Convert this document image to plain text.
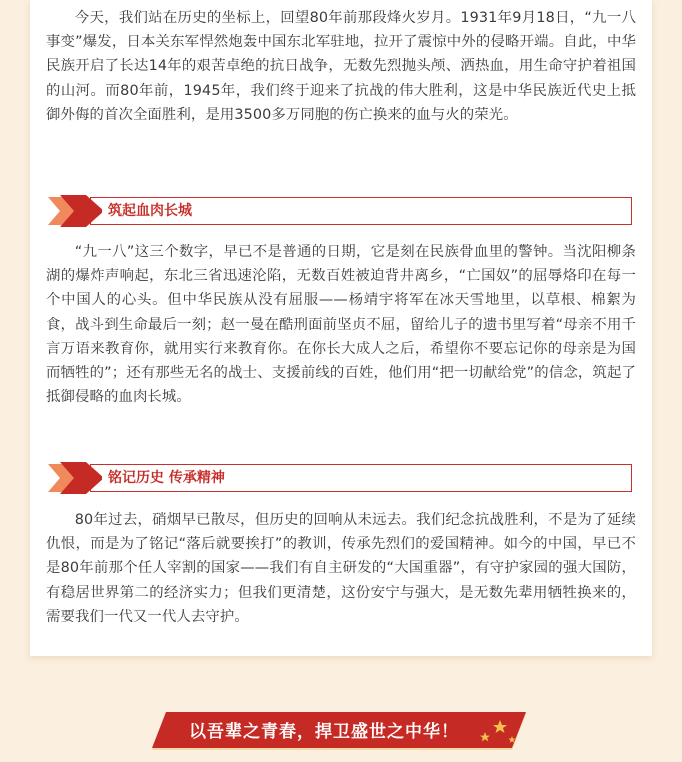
今天，我们站在历史的坐标上，回望80年前那段烽火岁月。1931年9月18日，“九一八事变”爆发，日本关东军悍然炮轰中国东北军驻地，拉开了震惊中外的侵略开端。自此，中华民族开启了长达14年的艰苦卓绝的抗日战争，无数先烈抛头颅、洒热血，用生命守护着祖国的山河。而80年前，1945年，我们终于迎来了抗战的伟大胜利，这是中华民族近代史上抵御外侮的首次全面胜利，是用3500多万同胞的伤亡换来的血与火的荣光。

筑起血肉长城

“九一八”这三个数字，早已不是普通的日期，它是刻在民族骨血里的警钟。当沈阳柳条湖的爆炸声响起，东北三省迅速沦陷，无数百姓被迫背井离乡，“亡国奴”的屈辱烙印在每一个中国人的心头。但中华民族从没有屈服——杨靖宇将军在冰天雪地里，以草根、棉絮为食，战斗到生命最后一刻；赵一曼在酷刑面前坚贞不屈，留给儿子的遗书里写着“母亲不用千言万语来教育你，就用实行来教育你。在你长大成人之后，希望你不要忘记你的母亲是为国而牺牲的”；还有那些无名的战士、支援前线的百姓，他们用“把一切献给党”的信念，筑起了抵御侵略的血肉长城。

铭记历史 传承精神

80年过去，硝烟早已散尽，但历史的回响从未远去。我们纪念抗战胜利，不是为了延续仇恨，而是为了铭记“落后就要挨打”的教训，传承先烈们的爱国精神。如今的中国，早已不是80年前那个任人宰割的国家——我们有自主研发的“大国重器”，有守护家园的强大国防，有稳居世界第二的经济实力；但我们更清楚，这份安宁与强大，是无数先辈用牺牲换来的，需要我们一代又一代人去守护。

以吾辈之青春，捍卫盛世之中华！
